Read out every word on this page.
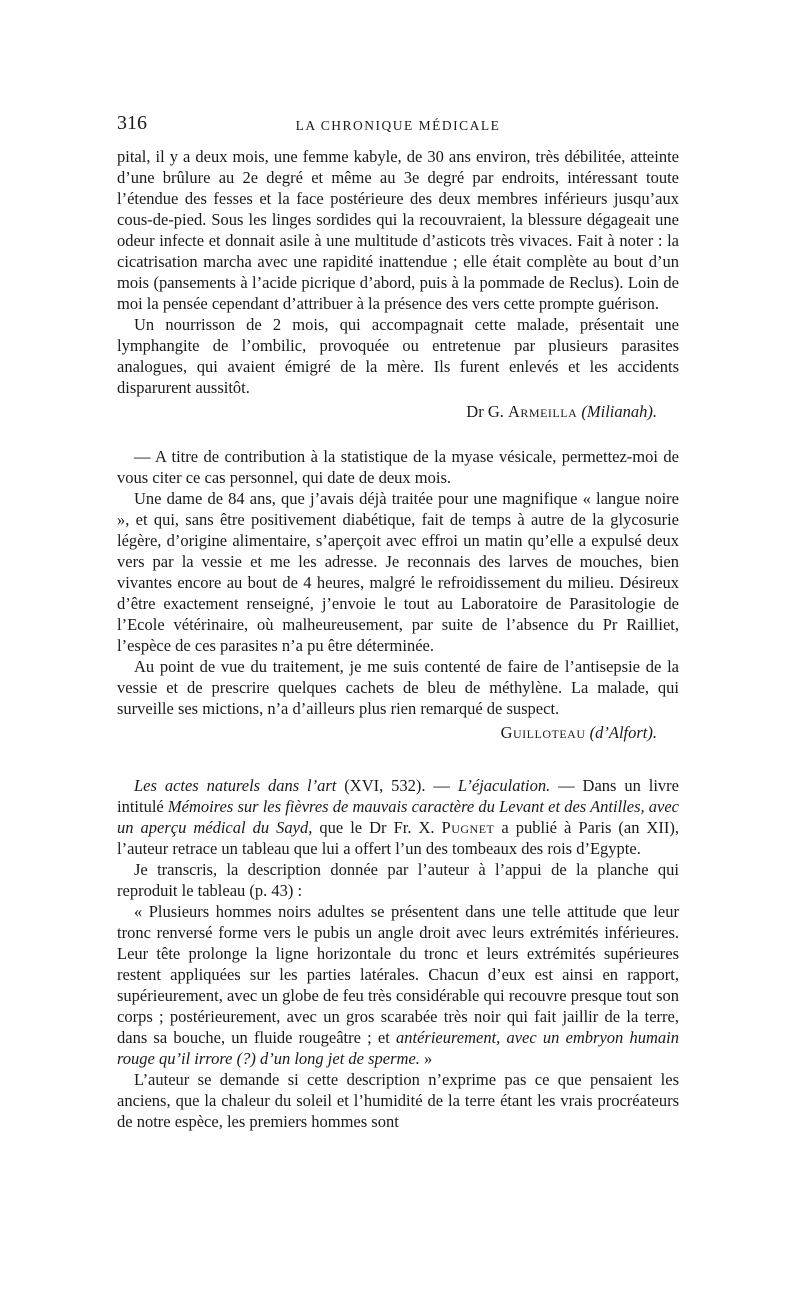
316	LA CHRONIQUE MÉDICALE

pital, il y a deux mois, une femme kabyle, de 30 ans environ, très débilitée, atteinte d’une brûlure au 2e degré et même au 3e degré par endroits, intéressant toute l’étendue des fesses et la face postérieure des deux membres inférieurs jusqu’aux cous-de-pied. Sous les linges sordides qui la recouvraient, la blessure dégageait une odeur infecte et donnait asile à une multitude d’asticots très vivaces. Fait à noter : la cicatrisation marcha avec une rapidité inattendue ; elle était complète au bout d’un mois (pansements à l’acide picrique d’abord, puis à la pommade de Reclus). Loin de moi la pensée cependant d’attribuer à la présence des vers cette prompte guérison.

Un nourrisson de 2 mois, qui accompagnait cette malade, présentait une lymphangite de l’ombilic, provoquée ou entretenue par plusieurs parasites analogues, qui avaient émigré de la mère. Ils furent enlevés et les accidents disparurent aussitôt.

Dr G. Armeilla (Milianah).

— A titre de contribution à la statistique de la myase vésicale, permettez-moi de vous citer ce cas personnel, qui date de deux mois.

Une dame de 84 ans, que j’avais déjà traitée pour une magnifique « langue noire », et qui, sans être positivement diabétique, fait de temps à autre de la glycosurie légère, d’origine alimentaire, s’aperçoit avec effroi un matin qu’elle a expulsé deux vers par la vessie et me les adresse. Je reconnais des larves de mouches, bien vivantes encore au bout de 4 heures, malgré le refroidissement du milieu. Désireux d’être exactement renseigné, j’envoie le tout au Laboratoire de Parasitologie de l’Ecole vétérinaire, où malheureusement, par suite de l’absence du Pr Railliet, l’espèce de ces parasites n’a pu être déterminée.

Au point de vue du traitement, je me suis contenté de faire de l’antisepsie de la vessie et de prescrire quelques cachets de bleu de méthylène. La malade, qui surveille ses mictions, n’a d’ailleurs plus rien remarqué de suspect.

Guilloteau (d’Alfort).

Les actes naturels dans l’art (XVI, 532). — L’éjaculation. — Dans un livre intitulé Mémoires sur les fièvres de mauvais caractère du Levant et des Antilles, avec un aperçu médical du Sayd, que le Dr Fr. X. Pugnet a publié à Paris (an XII), l’auteur retrace un tableau que lui a offert l’un des tombeaux des rois d’Egypte.

Je transcris, la description donnée par l’auteur à l’appui de la planche qui reproduit le tableau (p. 43) :

« Plusieurs hommes noirs adultes se présentent dans une telle attitude que leur tronc renversé forme vers le pubis un angle droit avec leurs extrémités inférieures. Leur tête prolonge la ligne horizontale du tronc et leurs extrémités supérieures restent appliquées sur les parties latérales. Chacun d’eux est ainsi en rapport, supérieurement, avec un globe de feu très considérable qui recouvre presque tout son corps ; postérieurement, avec un gros scarabée très noir qui fait jaillir de la terre, dans sa bouche, un fluide rougeâtre ; et antérieurement, avec un embryon humain rouge qu’il irrore (?) d’un long jet de sperme. »

L’auteur se demande si cette description n’exprime pas ce que pensaient les anciens, que la chaleur du soleil et l’humidité de la terre étant les vrais procréateurs de notre espèce, les premiers hommes sont
